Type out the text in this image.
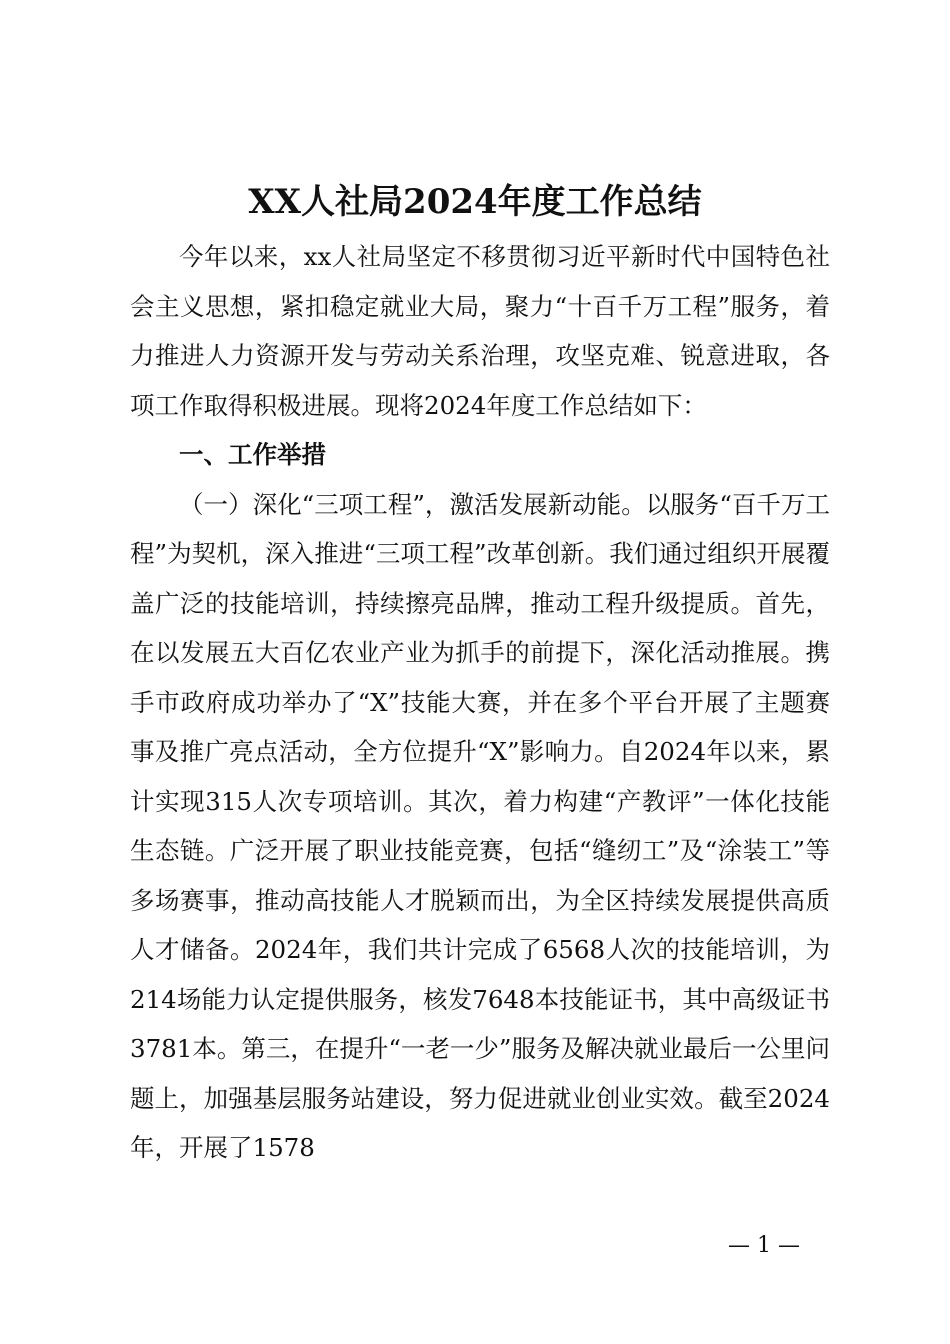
XX人社局2024年度工作总结

今年以来，xx人社局坚定不移贯彻习近平新时代中国特色社会主义思想，紧扣稳定就业大局，聚力“十百千万工程”服务，着力推进人力资源开发与劳动关系治理，攻坚克难、锐意进取，各项工作取得积极进展。现将2024年度工作总结如下：

一、工作举措

（一）深化“三项工程”，激活发展新动能。以服务“百千万工程”为契机，深入推进“三项工程”改革创新。我们通过组织开展覆盖广泛的技能培训，持续擦亮品牌，推动工程升级提质。首先，在以发展五大百亿农业产业为抓手的前提下，深化活动推展。携手市政府成功举办了“X”技能大赛，并在多个平台开展了主题赛事及推广亮点活动，全方位提升“X”影响力。自2024年以来，累计实现315人次专项培训。其次，着力构建“产教评”一体化技能生态链。广泛开展了职业技能竞赛，包括“缝纫工”及“涂装工”等多场赛事，推动高技能人才脱颖而出，为全区持续发展提供高质人才储备。2024年，我们共计完成了6568人次的技能培训，为214场能力认定提供服务，核发7648本技能证书，其中高级证书3781本。第三，在提升“一老一少”服务及解决就业最后一公里问题上，加强基层服务站建设，努力促进就业创业实效。截至2024年，开展了1578

— 1 —
